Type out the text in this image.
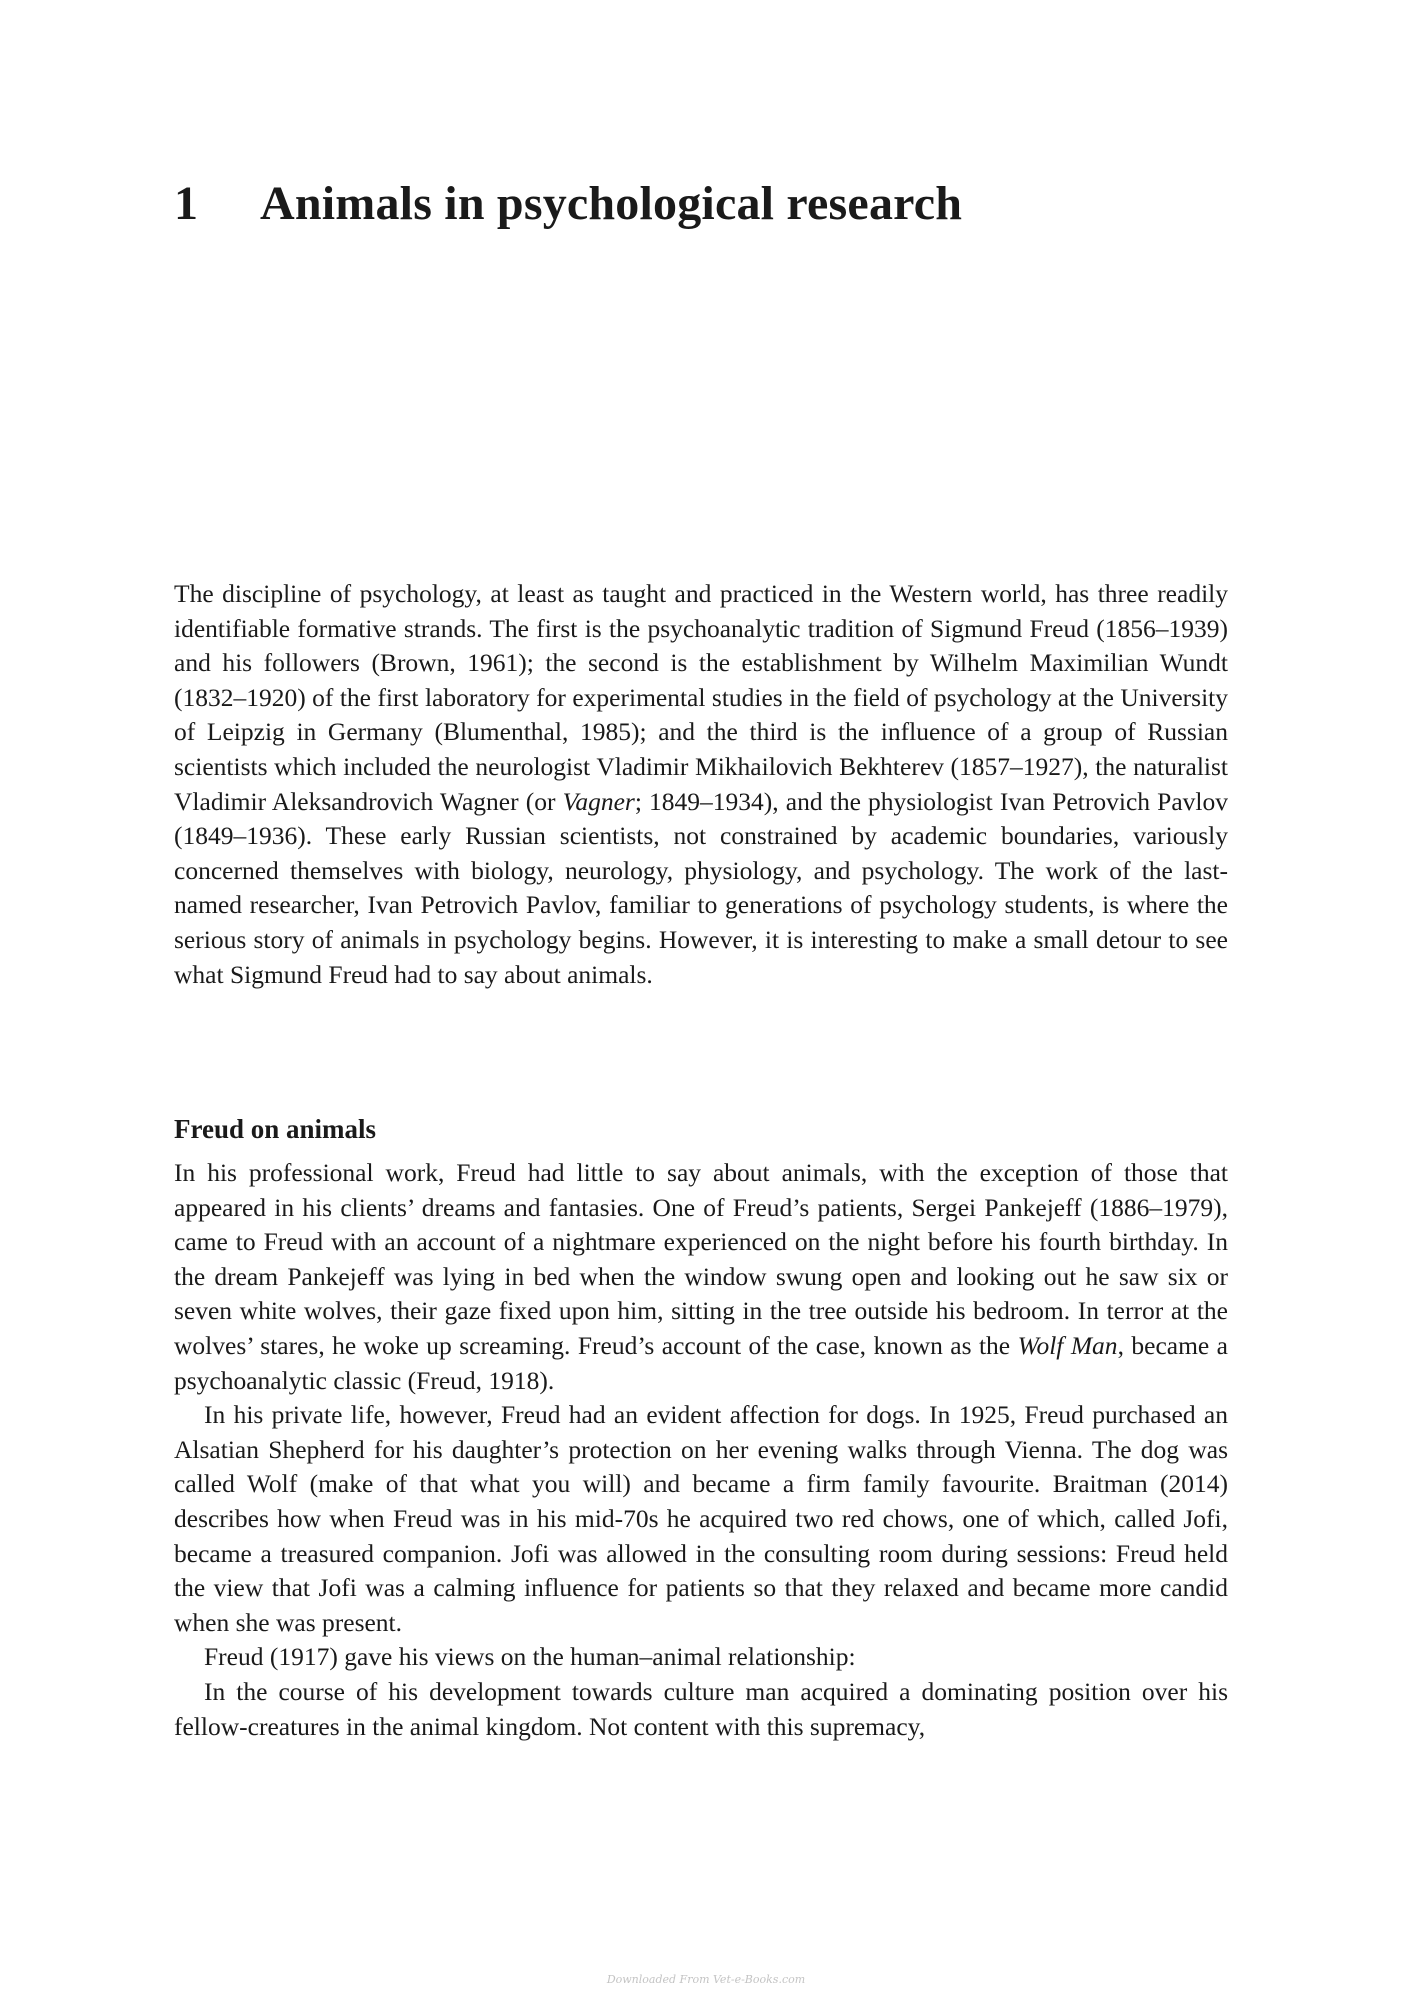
1 Animals in psychological research

The discipline of psychology, at least as taught and practiced in the Western world, has three readily identifiable formative strands. The first is the psychoanalytic tradition of Sigmund Freud (1856–1939) and his followers (Brown, 1961); the second is the establishment by Wilhelm Maximilian Wundt (1832–1920) of the first laboratory for experimental studies in the field of psychology at the University of Leipzig in Germany (Blumenthal, 1985); and the third is the influence of a group of Russian scientists which included the neurologist Vladimir Mikhailovich Bekhterev (1857–1927), the naturalist Vladimir Aleksandrovich Wagner (or Vagner; 1849–1934), and the physiologist Ivan Petrovich Pavlov (1849–1936). These early Russian scientists, not constrained by academic boundaries, variously concerned themselves with biology, neurology, physiology, and psychology. The work of the last-named researcher, Ivan Petrovich Pavlov, familiar to generations of psychology students, is where the serious story of animals in psychology begins. However, it is interesting to make a small detour to see what Sigmund Freud had to say about animals.

Freud on animals

In his professional work, Freud had little to say about animals, with the exception of those that appeared in his clients’ dreams and fantasies. One of Freud’s patients, Sergei Pankejeff (1886–1979), came to Freud with an account of a nightmare experienced on the night before his fourth birthday. In the dream Pankejeff was lying in bed when the window swung open and looking out he saw six or seven white wolves, their gaze fixed upon him, sitting in the tree outside his bedroom. In terror at the wolves’ stares, he woke up screaming. Freud’s account of the case, known as the Wolf Man, became a psychoanalytic classic (Freud, 1918).

In his private life, however, Freud had an evident affection for dogs. In 1925, Freud purchased an Alsatian Shepherd for his daughter’s protection on her evening walks through Vienna. The dog was called Wolf (make of that what you will) and became a firm family favourite. Braitman (2014) describes how when Freud was in his mid-70s he acquired two red chows, one of which, called Jofi, became a treasured companion. Jofi was allowed in the consulting room during sessions: Freud held the view that Jofi was a calming influence for patients so that they relaxed and became more candid when she was present.

Freud (1917) gave his views on the human–animal relationship:

In the course of his development towards culture man acquired a dominating position over his fellow-creatures in the animal kingdom. Not content with this supremacy,

Downloaded From Vet-e-Books.com
